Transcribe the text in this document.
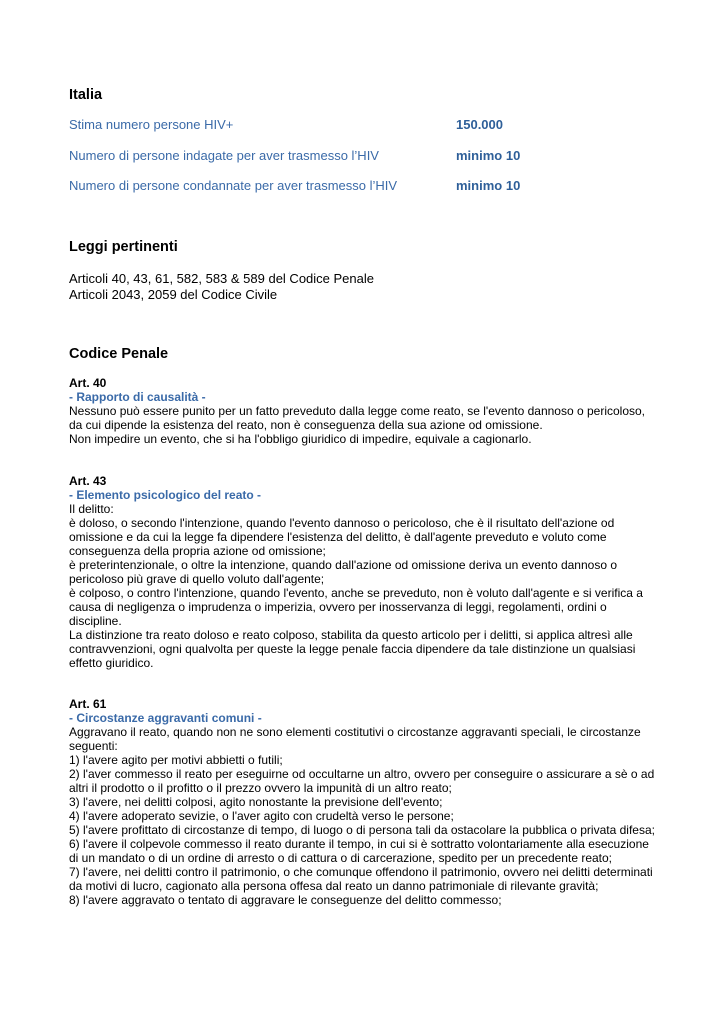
Italia
Stima numero persone HIV+	150.000
Numero di persone indagate per aver trasmesso l’HIV	minimo 10
Numero di persone condannate per aver trasmesso l’HIV	minimo 10
Leggi pertinenti
Articoli 40, 43, 61, 582, 583 & 589 del Codice Penale
Articoli 2043, 2059 del Codice Civile
Codice Penale
Art. 40
- Rapporto di causalità -

Nessuno può essere punito per un fatto preveduto dalla legge come reato, se l'evento dannoso o pericoloso, da cui dipende la esistenza del reato, non è conseguenza della sua azione od omissione.

Non impedire un evento, che si ha l'obbligo giuridico di impedire, equivale a cagionarlo.

Art. 43
- Elemento psicologico del reato -

Il delitto:

è doloso, o secondo l'intenzione, quando l'evento dannoso o pericoloso, che è il risultato dell'azione od omissione e da cui la legge fa dipendere l'esistenza del delitto, è dall'agente preveduto e voluto come conseguenza della propria azione od omissione;

è preterintenzionale, o oltre la intenzione, quando dall'azione od omissione deriva un evento dannoso o pericoloso più grave di quello voluto dall'agente;

è colposo, o contro l'intenzione, quando l'evento, anche se preveduto, non è voluto dall'agente e si verifica a causa di negligenza o imprudenza o imperizia, ovvero per inosservanza di leggi, regolamenti, ordini o discipline.

La distinzione tra reato doloso e reato colposo, stabilita da questo articolo per i delitti, si applica altresì alle contravvenzioni, ogni qualvolta per queste la legge penale faccia dipendere da tale distinzione un qualsiasi effetto giuridico.

Art. 61
- Circostanze aggravanti comuni -

Aggravano il reato, quando non ne sono elementi costitutivi o circostanze aggravanti speciali, le circostanze seguenti:

1) l'avere agito per motivi abbietti o futili;

2) l'aver commesso il reato per eseguirne od occultarne un altro, ovvero per conseguire o assicurare a sè o ad altri il prodotto o il profitto o il prezzo ovvero la impunità di un altro reato;

3) l'avere, nei delitti colposi, agito nonostante la previsione dell'evento;

4) l'avere adoperato sevizie, o l'aver agito con crudeltà verso le persone;

5) l'avere profittato di circostanze di tempo, di luogo o di persona tali da ostacolare la pubblica o privata difesa;

6) l'avere il colpevole commesso il reato durante il tempo, in cui si è sottratto volontariamente alla esecuzione di un mandato o di un ordine di arresto o di cattura o di carcerazione, spedito per un precedente reato;

7) l'avere, nei delitti contro il patrimonio, o che comunque offendono il patrimonio, ovvero nei delitti determinati da motivi di lucro, cagionato alla persona offesa dal reato un danno patrimoniale di rilevante gravità;

8) l'avere aggravato o tentato di aggravare le conseguenze del delitto commesso;
